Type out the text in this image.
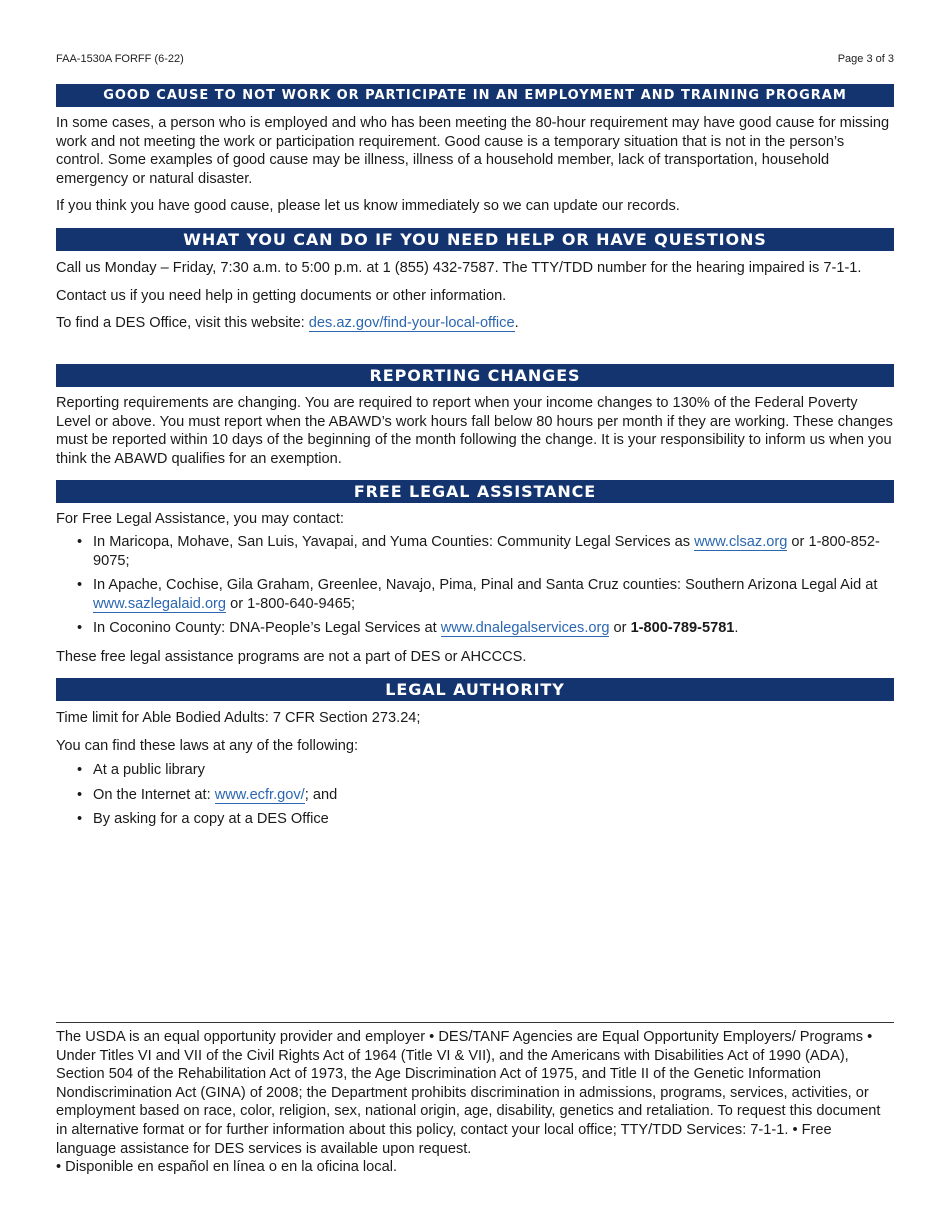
FAA-1530A FORFF (6-22)	Page 3 of 3
GOOD CAUSE TO NOT WORK OR PARTICIPATE IN AN EMPLOYMENT AND TRAINING PROGRAM

In some cases, a person who is employed and who has been meeting the 80-hour requirement may have good cause for missing work and not meeting the work or participation requirement. Good cause is a temporary situation that is not in the person’s control. Some examples of good cause may be illness, illness of a household member, lack of transportation, household emergency or natural disaster.

If you think you have good cause, please let us know immediately so we can update our records.

WHAT YOU CAN DO IF YOU NEED HELP OR HAVE QUESTIONS

Call us Monday – Friday, 7:30 a.m. to 5:00 p.m. at 1 (855) 432-7587. The TTY/TDD number for the hearing impaired is 7-1-1.

Contact us if you need help in getting documents or other information.

To find a DES Office, visit this website: des.az.gov/find-your-local-office.

REPORTING CHANGES

Reporting requirements are changing. You are required to report when your income changes to 130% of the Federal Poverty Level or above. You must report when the ABAWD’s work hours fall below 80 hours per month if they are working. These changes must be reported within 10 days of the beginning of the month following the change. It is your responsibility to inform us when you think the ABAWD qualifies for an exemption.

FREE LEGAL ASSISTANCE
For Free Legal Assistance, you may contact:
• In Maricopa, Mohave, San Luis, Yavapai, and Yuma Counties: Community Legal Services as www.clsaz.org or 1-800-852-9075;
• In Apache, Cochise, Gila Graham, Greenlee, Navajo, Pima, Pinal and Santa Cruz counties: Southern Arizona Legal Aid at www.sazlegalaid.org or 1-800-640-9465;
• In Coconino County: DNA-People’s Legal Services at www.dnalegalservices.org or 1-800-789-5781.
These free legal assistance programs are not a part of DES or AHCCCS.
LEGAL AUTHORITY

Time limit for Able Bodied Adults: 7 CFR Section 273.24;

You can find these laws at any of the following:

• At a public library
• On the Internet at: www.ecfr.gov/; and
• By asking for a copy at a DES Office

The USDA is an equal opportunity provider and employer • DES/TANF Agencies are Equal Opportunity Employers/ Programs • Under Titles VI and VII of the Civil Rights Act of 1964 (Title VI & VII), and the Americans with Disabilities Act of 1990 (ADA), Section 504 of the Rehabilitation Act of 1973, the Age Discrimination Act of 1975, and Title II of the Genetic Information Nondiscrimination Act (GINA) of 2008; the Department prohibits discrimination in admissions, programs, services, activities, or employment based on race, color, religion, sex, national origin, age, disability, genetics and retaliation. To request this document in alternative format or for further information about this policy, contact your local office; TTY/TDD Services: 7-1-1. • Free language assistance for DES services is available upon request.

• Disponible en español en línea o en la oficina local.
